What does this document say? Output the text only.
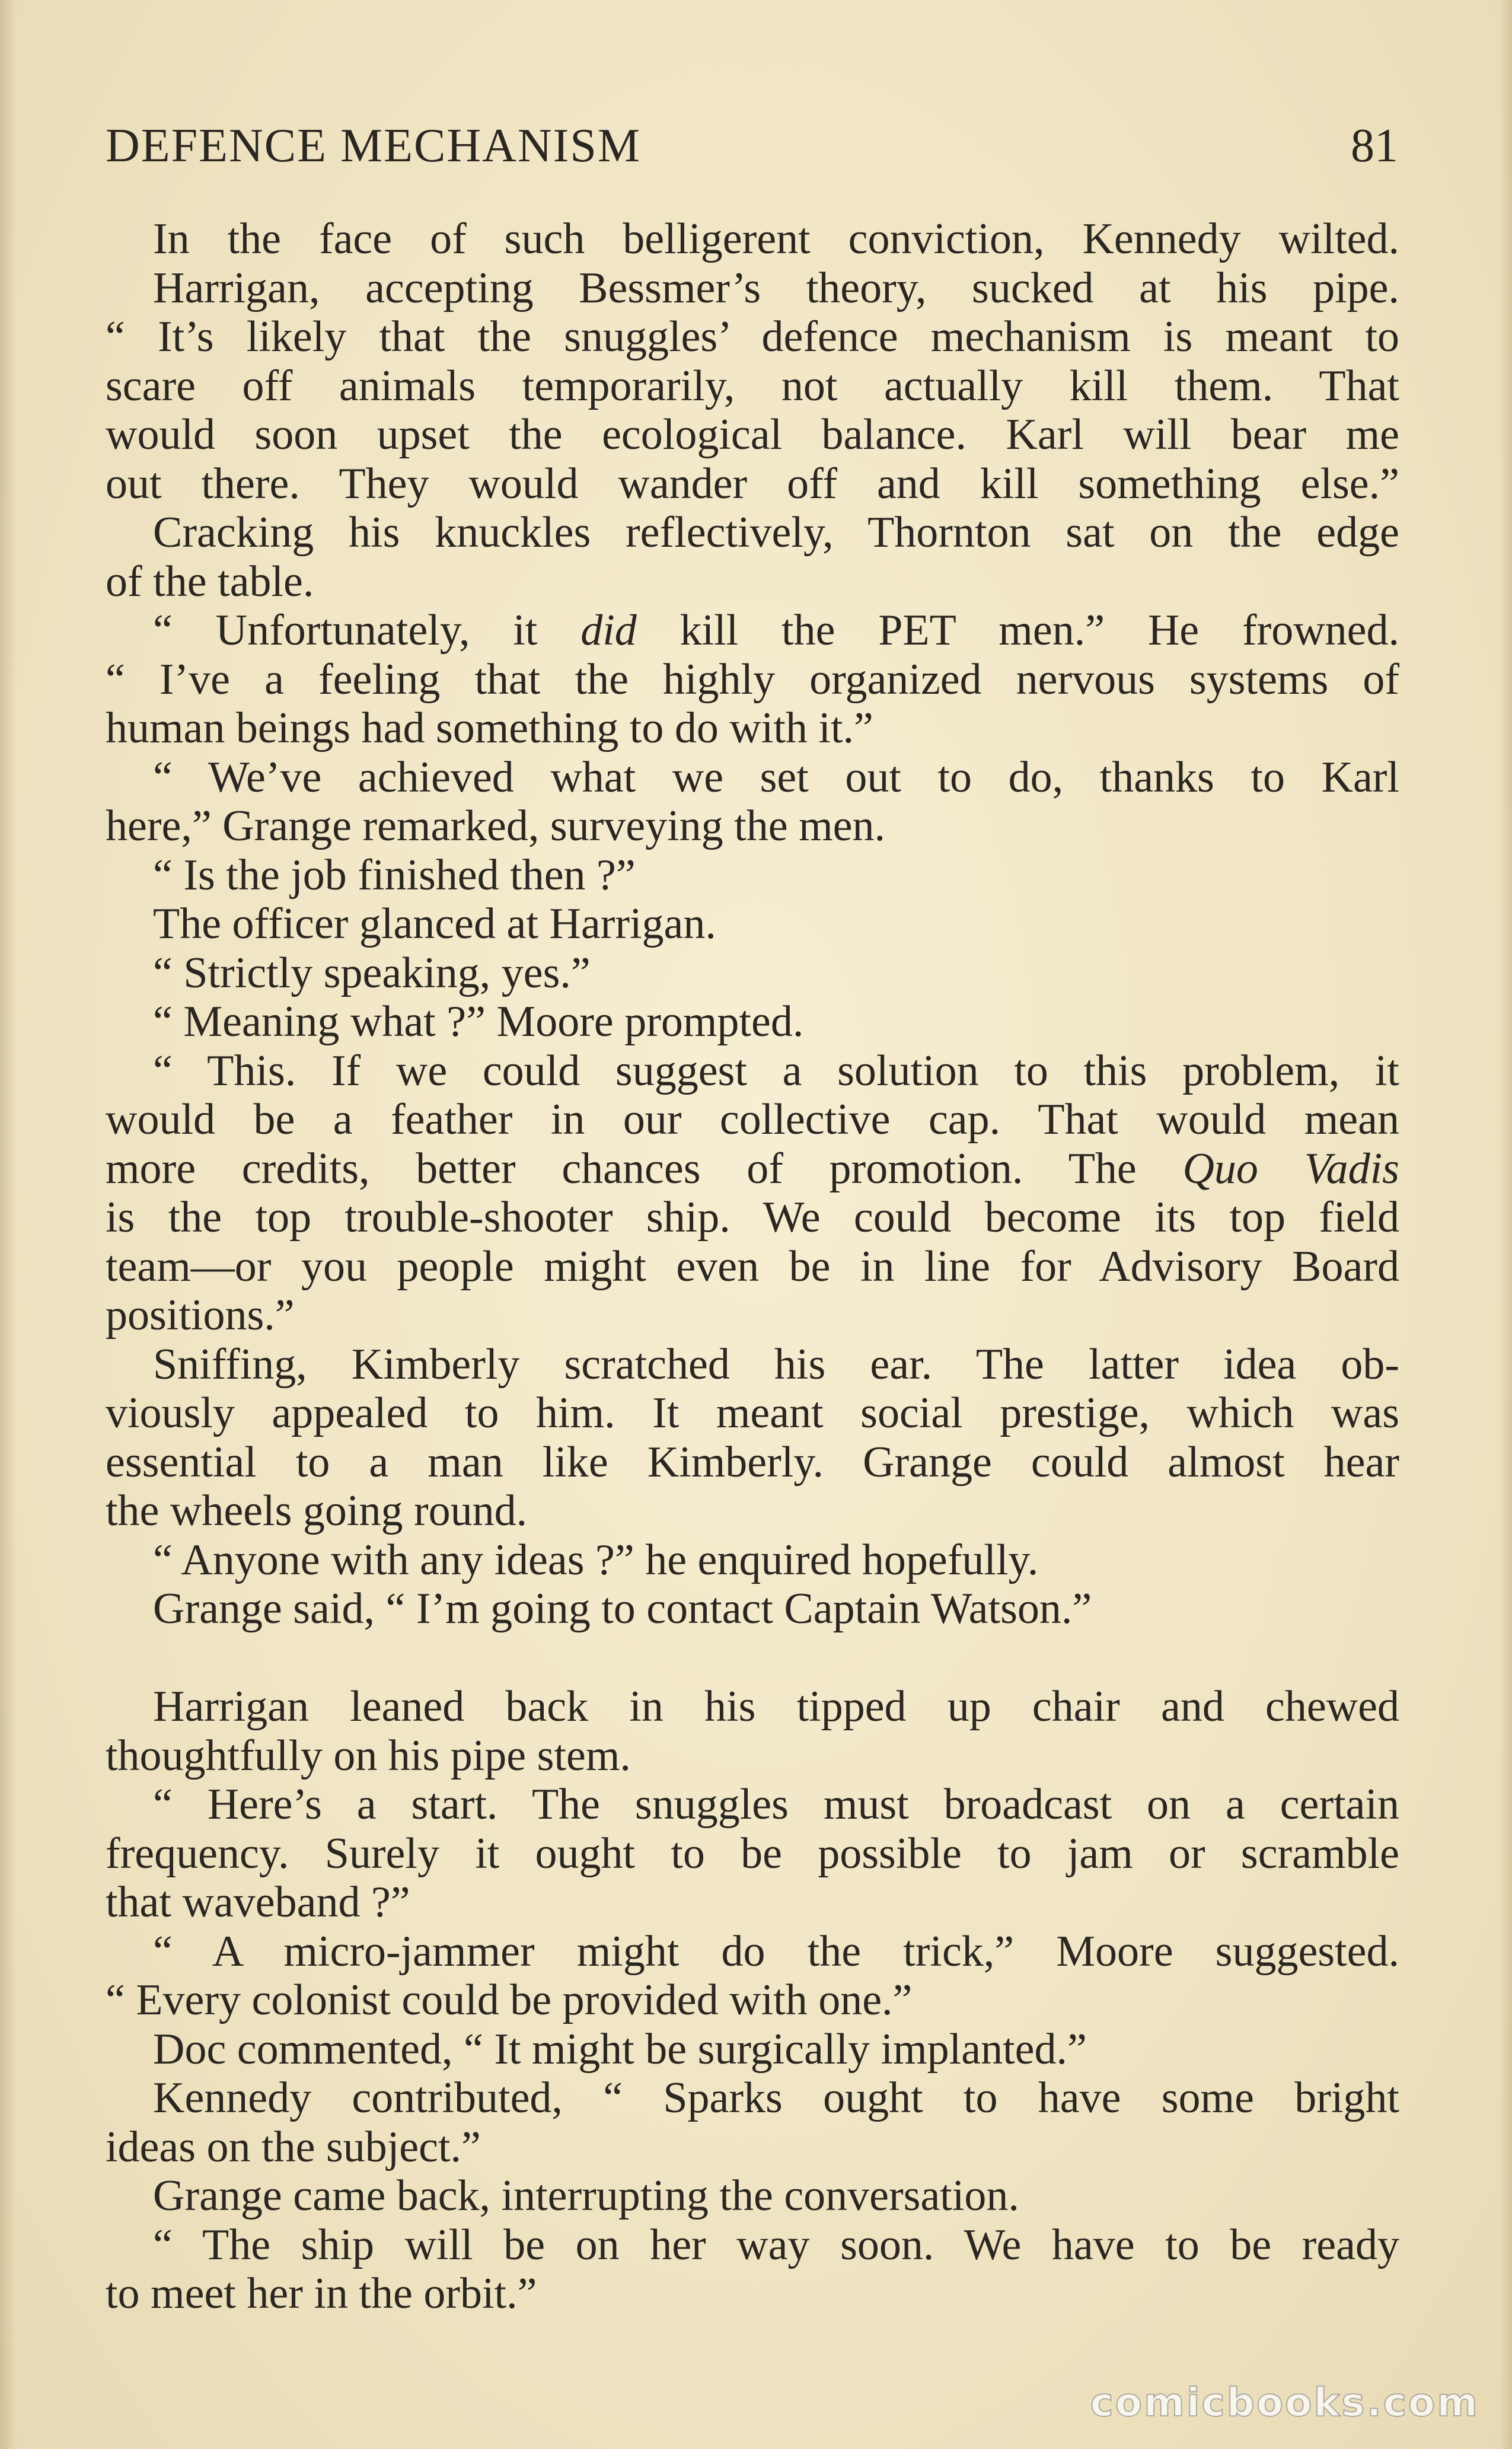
DEFENCE MECHANISM	81
In the face of such belligerent conviction, Kennedy wilted.
Harrigan, accepting Bessmer’s theory, sucked at his pipe.
“ It’s likely that the snuggles’ defence mechanism is meant to
scare off animals temporarily, not actually kill them. That
would soon upset the ecological balance. Karl will bear me
out there. They would wander off and kill something else.”
Cracking his knuckles reflectively, Thornton sat on the edge
of the table.
“ Unfortunately, it did kill the PET men.” He frowned.
“ I’ve a feeling that the highly organized nervous systems of
human beings had something to do with it.”
“ We’ve achieved what we set out to do, thanks to Karl
here,” Grange remarked, surveying the men.
“ Is the job finished then ?”
The officer glanced at Harrigan.
“ Strictly speaking, yes.”
“ Meaning what ?” Moore prompted.
“ This. If we could suggest a solution to this problem, it
would be a feather in our collective cap. That would mean
more credits, better chances of promotion. The Quo Vadis
is the top trouble-shooter ship. We could become its top field
team—or you people might even be in line for Advisory Board
positions.”
Sniffing, Kimberly scratched his ear. The latter idea ob-
viously appealed to him. It meant social prestige, which was
essential to a man like Kimberly. Grange could almost hear
the wheels going round.
“ Anyone with any ideas ?” he enquired hopefully.
Grange said, “ I’m going to contact Captain Watson.”
Harrigan leaned back in his tipped up chair and chewed
thoughtfully on his pipe stem.
“ Here’s a start. The snuggles must broadcast on a certain
frequency. Surely it ought to be possible to jam or scramble
that waveband ?”
“ A micro-jammer might do the trick,” Moore suggested.
“ Every colonist could be provided with one.”
Doc commented, “ It might be surgically implanted.”
Kennedy contributed, “ Sparks ought to have some bright
ideas on the subject.”
Grange came back, interrupting the conversation.
“ The ship will be on her way soon. We have to be ready
to meet her in the orbit.”
comicbooks.com
